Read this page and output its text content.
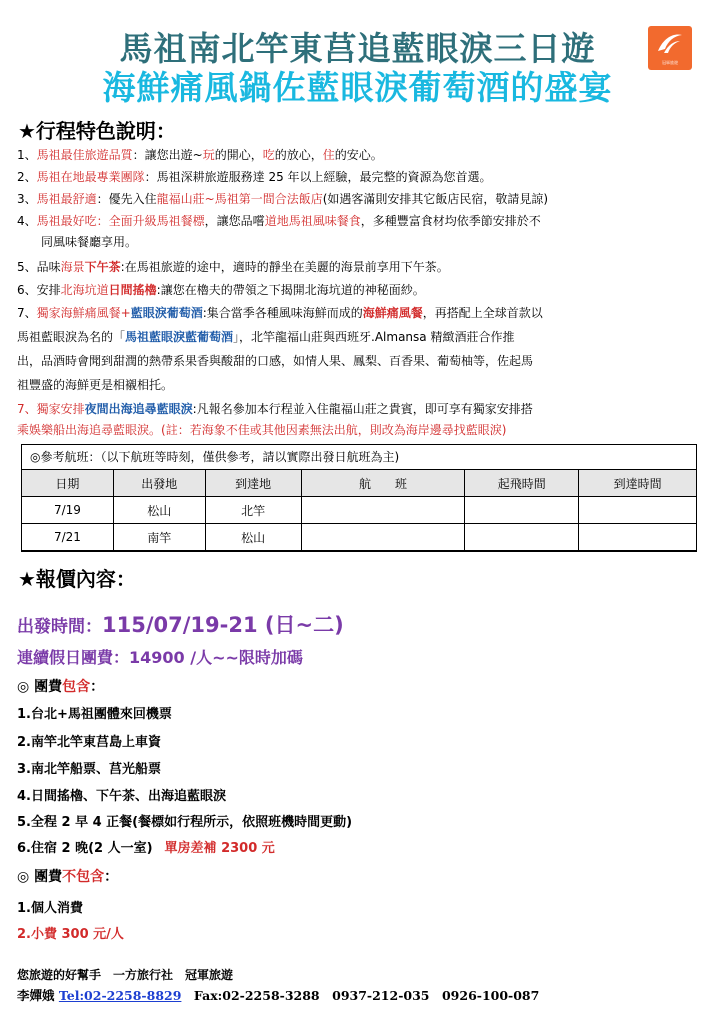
馬祖南北竿東莒追藍眼淚三日遊
海鮮痛風鍋佐藍眼淚葡萄酒的盛宴
冠軍旅遊
★行程特色說明：
1、馬祖最佳旅遊品質：讓您出遊~玩的開心，吃的放心，住的安心。
2、馬祖在地最專業團隊：馬祖深耕旅遊服務達 25 年以上經驗，最完整的資源為您首選。
3、馬祖最舒適：優先入住龍福山莊~馬祖第一間合法飯店(如遇客滿則安排其它飯店民宿，敬請見諒)
4、馬祖最好吃：全面升級馬祖餐標，讓您品嚐道地馬祖風味餐食，多種豐富食材均依季節安排於不
同風味餐廳享用。
5、品味海景下午茶:在馬祖旅遊的途中，適時的靜坐在美麗的海景前享用下午茶。
6、安排北海坑道日間搖櫓:讓您在櫓夫的帶領之下揭開北海坑道的神秘面紗。
7、獨家海鮮痛風餐+藍眼淚葡萄酒:集合當季各種風味海鮮而成的海鮮痛風餐，再搭配上全球首款以
馬祖藍眼淚為名的「馬祖藍眼淚藍葡萄酒」，北竿龍福山莊與西班牙.Almansa 精緻酒莊合作推
出，品酒時會聞到甜潤的熱帶系果香與酸甜的口感，如情人果、鳳梨、百香果、葡萄柚等，佐起馬
祖豐盛的海鮮更是相襯相托。
7、獨家安排夜間出海追尋藍眼淚:凡報名參加本行程並入住龍福山莊之貴賓，即可享有獨家安排搭
乘娛樂船出海追尋藍眼淚。(註：若海象不佳或其他因素無法出航，則改為海岸邊尋找藍眼淚)
◎參考航班：（以下航班等時刻，僅供參考，請以實際出發日航班為主)
日期	出發地	到達地	航　　班	起飛時間	到達時間
7/19	松山	北竿			
7/21	南竿	松山			
★報價內容：
出發時間：115/07/19-21 (日~二)
連續假日團費：14900 /人~~限時加碼
◎ 團費包含：
1.台北+馬祖團體來回機票
2.南竿北竿東莒島上車資
3.南北竿船票、莒光船票
4.日間搖櫓、下午茶、出海追藍眼淚
5.全程 2 早 4 正餐(餐標如行程所示，依照班機時間更動)
6.住宿 2 晚(2 人一室) 單房差補 2300 元
◎ 團費不包含：
1.個人消費
2.小費 300 元/人
您旅遊的好幫手　一方旅行社　冠軍旅遊
李嬋娥 Tel:02-2258-8829　Fax:02-2258-3288　0937-212-035　0926-100-087
